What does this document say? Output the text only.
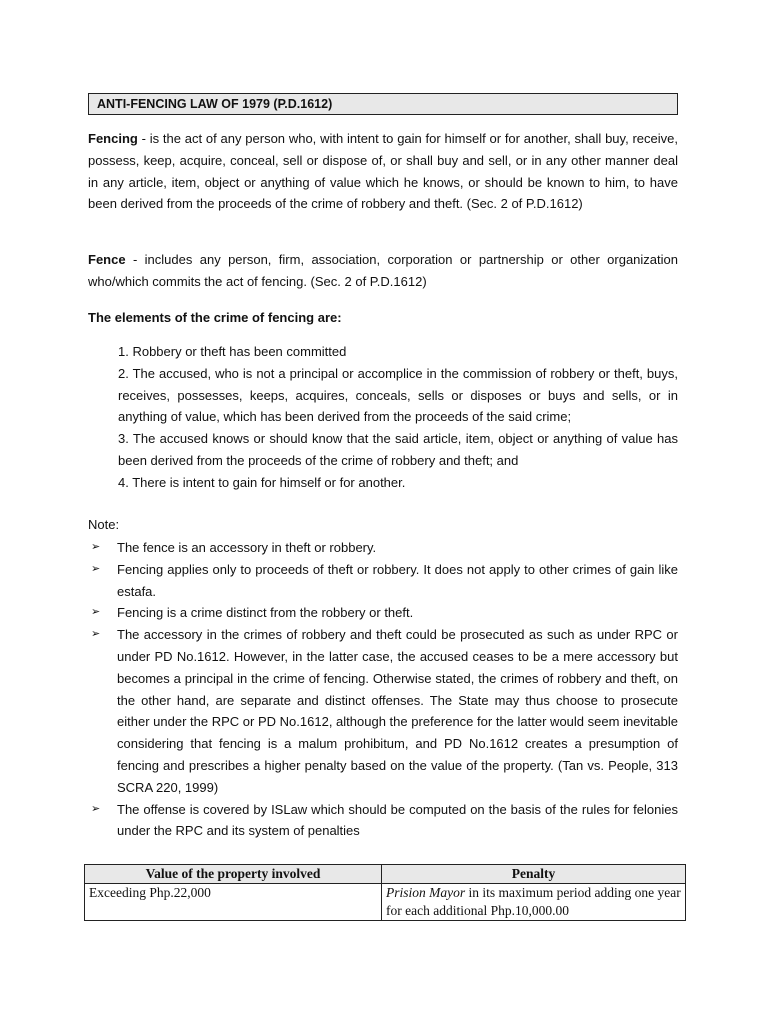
ANTI-FENCING LAW OF 1979 (P.D.1612)

Fencing - is the act of any person who, with intent to gain for himself or for another, shall buy, receive, possess, keep, acquire, conceal, sell or dispose of, or shall buy and sell, or in any other manner deal in any article, item, object or anything of value which he knows, or should be known to him, to have been derived from the proceeds of the crime of robbery and theft. (Sec. 2 of P.D.1612)

Fence - includes any person, firm, association, corporation or partnership or other organization who/which commits the act of fencing. (Sec. 2 of P.D.1612)

The elements of the crime of fencing are:

1. Robbery or theft has been committed

2. The accused, who is not a principal or accomplice in the commission of robbery or theft, buys, receives, possesses, keeps, acquires, conceals, sells or disposes or buys and sells, or in anything of value, which has been derived from the proceeds of the said crime;

3. The accused knows or should know that the said article, item, object or anything of value has been derived from the proceeds of the crime of robbery and theft; and

4. There is intent to gain for himself or for another.

Note:
➢ The fence is an accessory in theft or robbery.
➢ Fencing applies only to proceeds of theft or robbery. It does not apply to other crimes of gain like estafa.
➢ Fencing is a crime distinct from the robbery or theft.
➢ The accessory in the crimes of robbery and theft could be prosecuted as such as under RPC or under PD No.1612. However, in the latter case, the accused ceases to be a mere accessory but becomes a principal in the crime of fencing. Otherwise stated, the crimes of robbery and theft, on the other hand, are separate and distinct offenses. The State may thus choose to prosecute either under the RPC or PD No.1612, although the preference for the latter would seem inevitable considering that fencing is a malum prohibitum, and PD No.1612 creates a presumption of fencing and prescribes a higher penalty based on the value of the property. (Tan vs. People, 313 SCRA 220, 1999)
➢ The offense is covered by ISLaw which should be computed on the basis of the rules for felonies under the RPC and its system of penalties
Value of the property involved	Penalty
Exceeding Php.22,000	Prision Mayor in its maximum period adding one year for each additional Php.10,000.00
